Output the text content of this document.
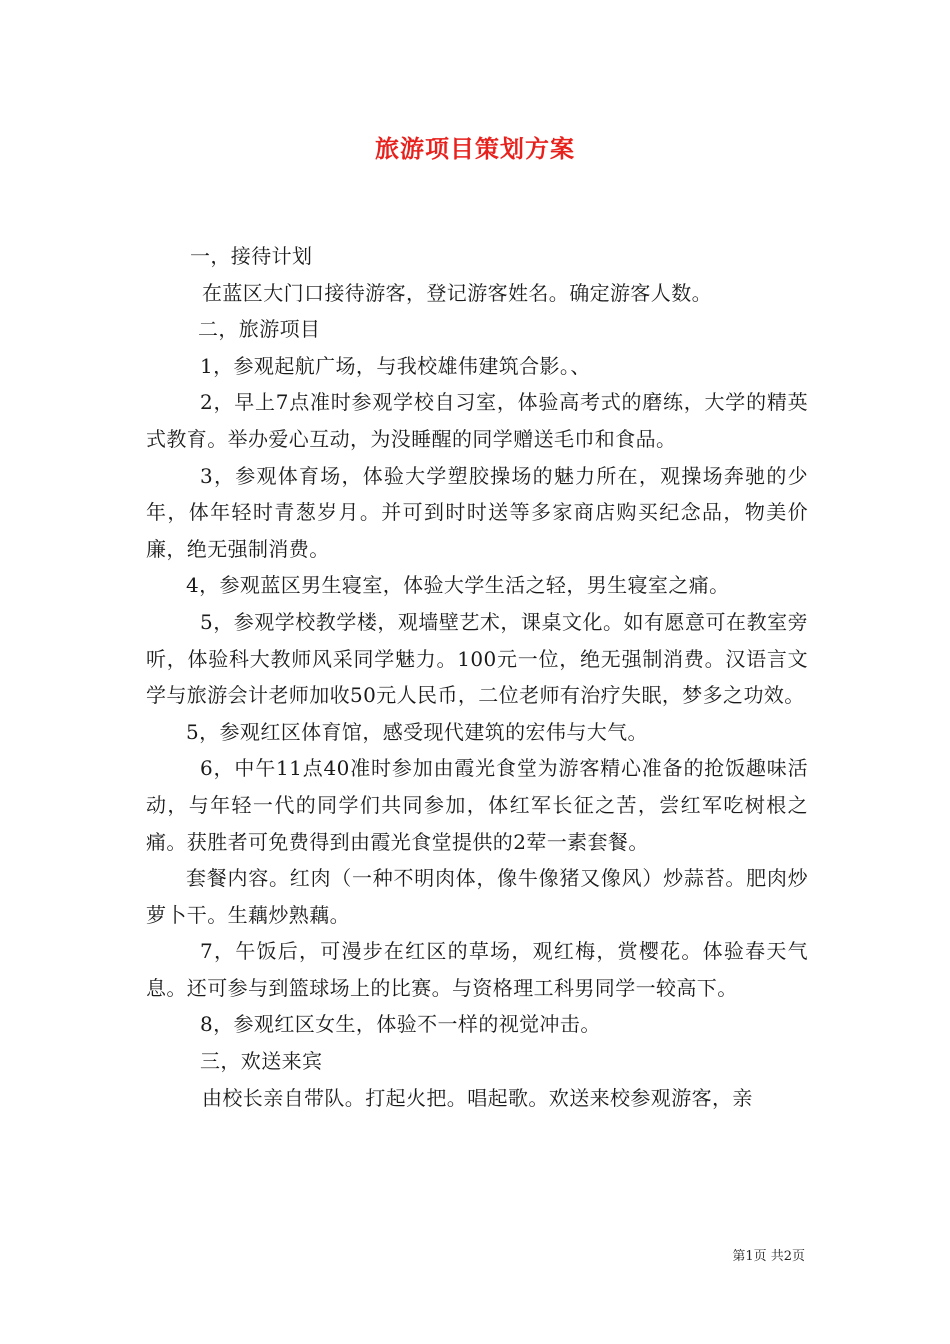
旅游项目策划方案

一，接待计划

在蓝区大门口接待游客，登记游客姓名。确定游客人数。

二，旅游项目

1，参观起航广场，与我校雄伟建筑合影。、

2，早上7点准时参观学校自习室，体验高考式的磨练，大学的精英式教育。举办爱心互动，为没睡醒的同学赠送毛巾和食品。

3，参观体育场，体验大学塑胶操场的魅力所在，观操场奔驰的少年，体年轻时青葱岁月。并可到时时送等多家商店购买纪念品，物美价廉，绝无强制消费。

4，参观蓝区男生寝室，体验大学生活之轻，男生寝室之痛。

5，参观学校教学楼，观墙壁艺术，课桌文化。如有愿意可在教室旁听，体验科大教师风采同学魅力。100元一位，绝无强制消费。汉语言文学与旅游会计老师加收50元人民币，二位老师有治疗失眠，梦多之功效。

5，参观红区体育馆，感受现代建筑的宏伟与大气。

6，中午11点40准时参加由霞光食堂为游客精心准备的抢饭趣味活动，与年轻一代的同学们共同参加，体红军长征之苦，尝红军吃树根之痛。获胜者可免费得到由霞光食堂提供的2荤一素套餐。

套餐内容。红肉（一种不明肉体，像牛像猪又像风）炒蒜苔。肥肉炒萝卜干。生藕炒熟藕。

7，午饭后，可漫步在红区的草场，观红梅，赏樱花。体验春天气息。还可参与到篮球场上的比赛。与资格理工科男同学一较高下。

8，参观红区女生，体验不一样的视觉冲击。

三，欢送来宾

由校长亲自带队。打起火把。唱起歌。欢送来校参观游客，亲

第1页 共2页
